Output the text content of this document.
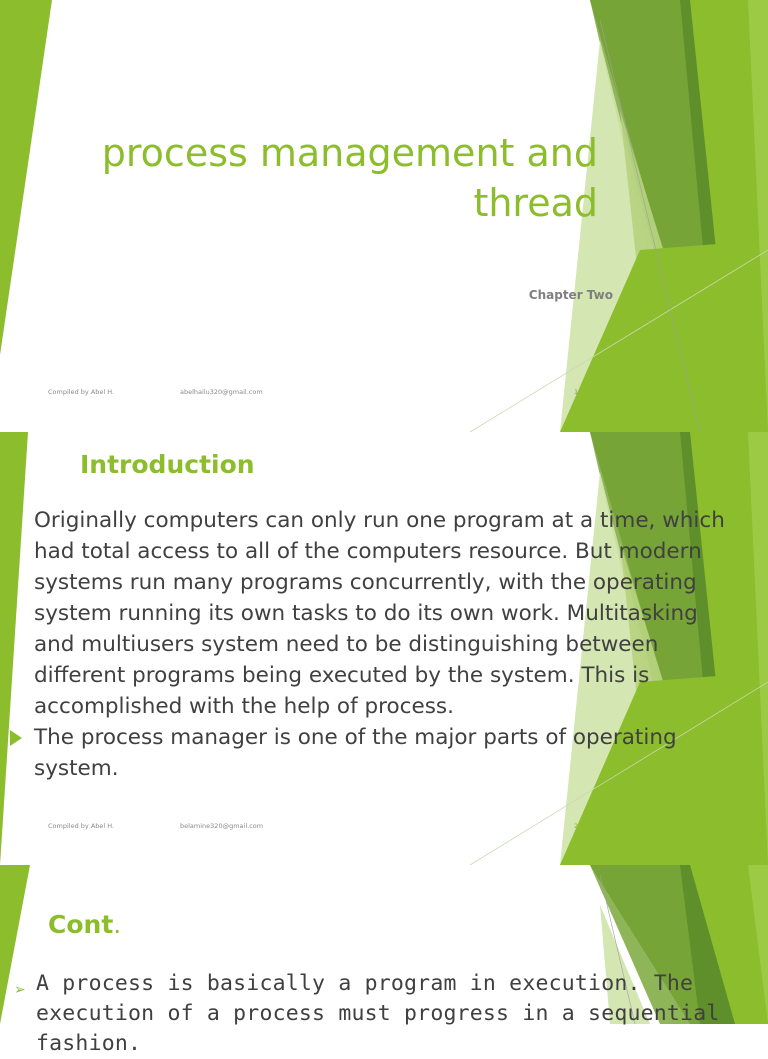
process management and thread
Chapter Two
Compiled by Abel H.	abelhailu320@gmail.com	1
Introduction
Originally computers can only run one program at a time, which had total access to all of the computers resource. But modern systems run many programs concurrently, with the operating system running its own tasks to do its own work. Multitasking and multiusers system need to be distinguishing between different programs being executed by the system. This is accomplished with the help of process.
The process manager is one of the major parts of operating system.
Compiled by Abel H.	belamine320@gmail.com	2
Cont.
➢ A process is basically a program in execution. The execution of a process must progress in a sequential fashion.
